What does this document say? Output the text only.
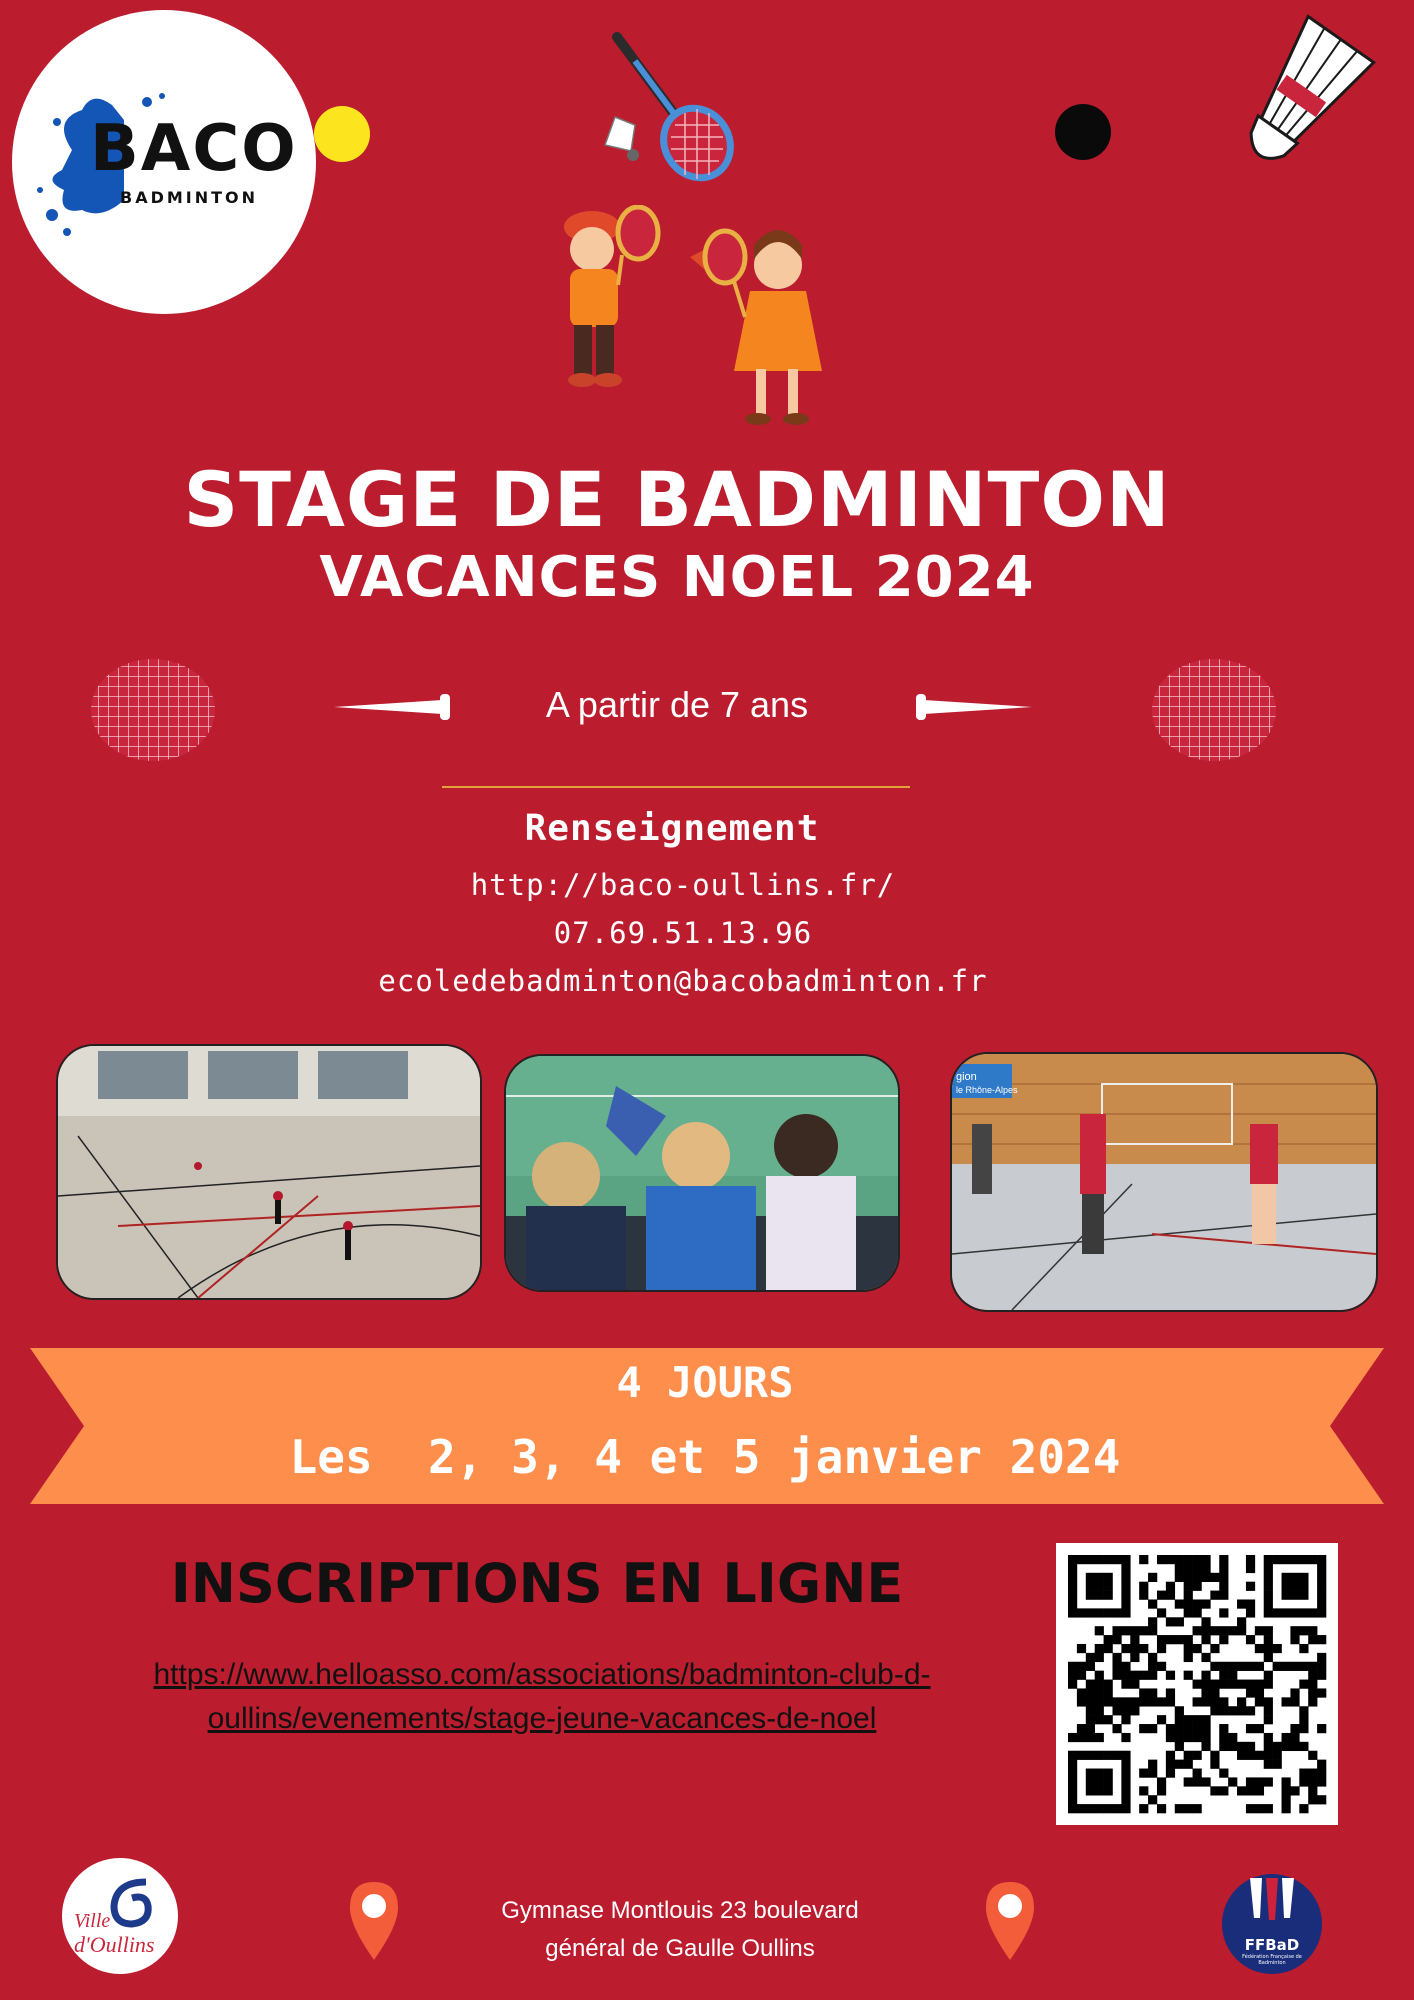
BACO
BADMINTON
STAGE DE BADMINTON
VACANCES NOEL 2024
A partir de 7 ans
Renseignement
http://baco-oullins.fr/
07.69.51.13.96
ecoledebadminton@bacobadminton.fr
gion
le Rhône-Alpes
4 JOURS
Les  2, 3, 4 et 5 janvier 2024
INSCRIPTIONS EN LIGNE
https://www.helloasso.com/associations/badminton-club-d-
oullins/evenements/stage-jeune-vacances-de-noel
Ville
d'Oullins
Gymnase Montlouis 23 boulevard
général de Gaulle Oullins	FFBaD
Fédération Française de Badminton
